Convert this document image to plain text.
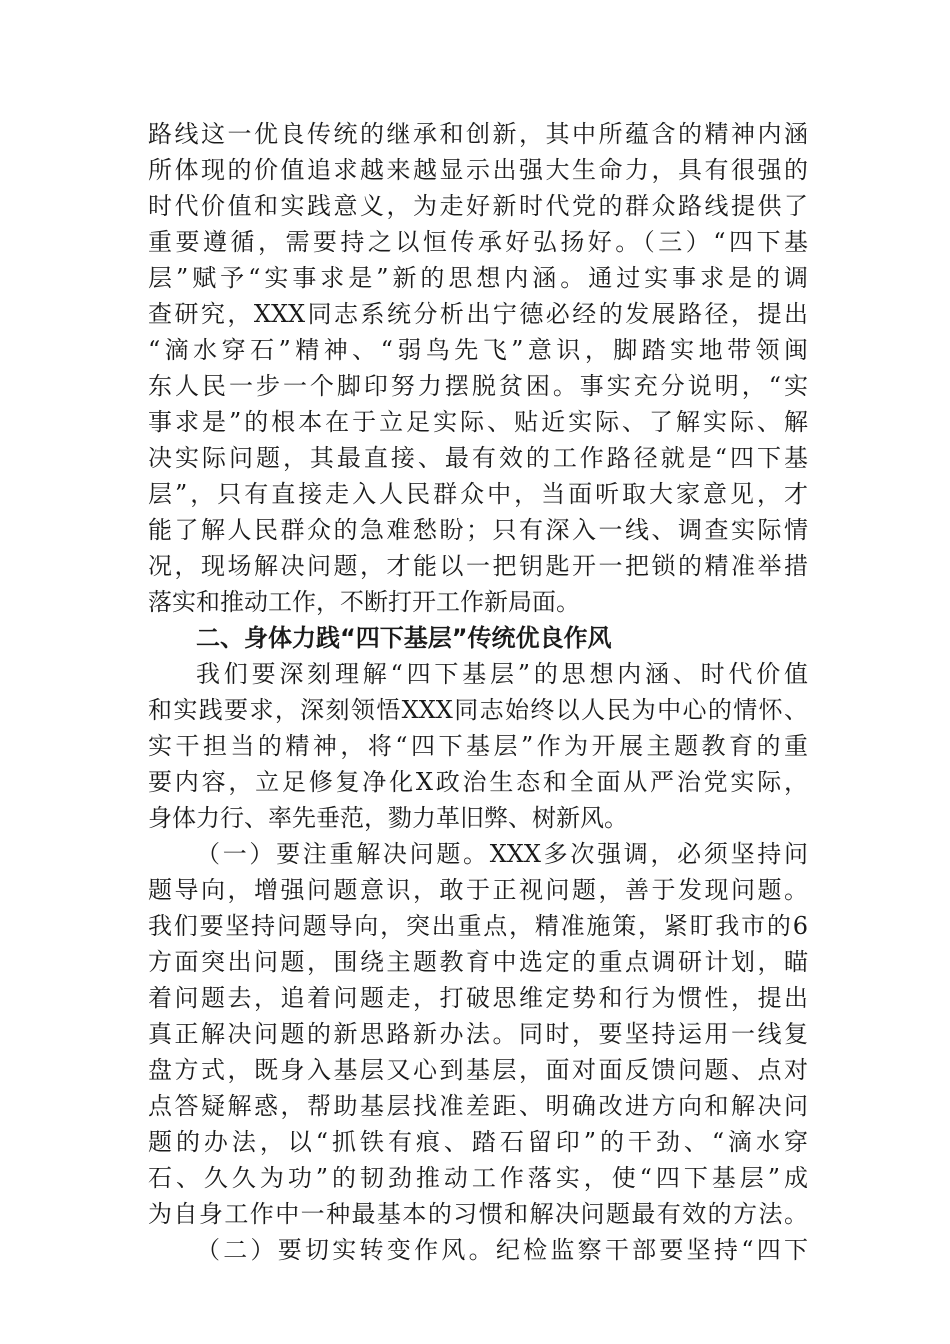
路线这一优良传统的继承和创新，其中所蕴含的精神内涵
所体现的价值追求越来越显示出强大生命力，具有很强的
时代价值和实践意义，为走好新时代党的群众路线提供了
重要遵循，需要持之以恒传承好弘扬好。（三）“四下基
层”赋予“实事求是”新的思想内涵。通过实事求是的调
查研究，XXX同志系统分析出宁德必经的发展路径，提出
“滴水穿石”精神、“弱鸟先飞”意识，脚踏实地带领闽
东人民一步一个脚印努力摆脱贫困。事实充分说明，“实
事求是”的根本在于立足实际、贴近实际、了解实际、解
决实际问题，其最直接、最有效的工作路径就是“四下基
层”，只有直接走入人民群众中，当面听取大家意见，才
能了解人民群众的急难愁盼；只有深入一线、调查实际情
况，现场解决问题，才能以一把钥匙开一把锁的精准举措
落实和推动工作，不断打开工作新局面。
二、身体力践“四下基层”传统优良作风
我们要深刻理解“四下基层”的思想内涵、时代价值
和实践要求，深刻领悟XXX同志始终以人民为中心的情怀、
实干担当的精神，将“四下基层”作为开展主题教育的重
要内容，立足修复净化X政治生态和全面从严治党实际，
身体力行、率先垂范，勠力革旧弊、树新风。
（一）要注重解决问题。XXX多次强调，必须坚持问
题导向，增强问题意识，敢于正视问题，善于发现问题。
我们要坚持问题导向，突出重点，精准施策，紧盯我市的6
方面突出问题，围绕主题教育中选定的重点调研计划，瞄
着问题去，追着问题走，打破思维定势和行为惯性，提出
真正解决问题的新思路新办法。同时，要坚持运用一线复
盘方式，既身入基层又心到基层，面对面反馈问题、点对
点答疑解惑，帮助基层找准差距、明确改进方向和解决问
题的办法，以“抓铁有痕、踏石留印”的干劲、“滴水穿
石、久久为功”的韧劲推动工作落实，使“四下基层”成
为自身工作中一种最基本的习惯和解决问题最有效的方法。
（二）要切实转变作风。纪检监察干部要坚持“四下
